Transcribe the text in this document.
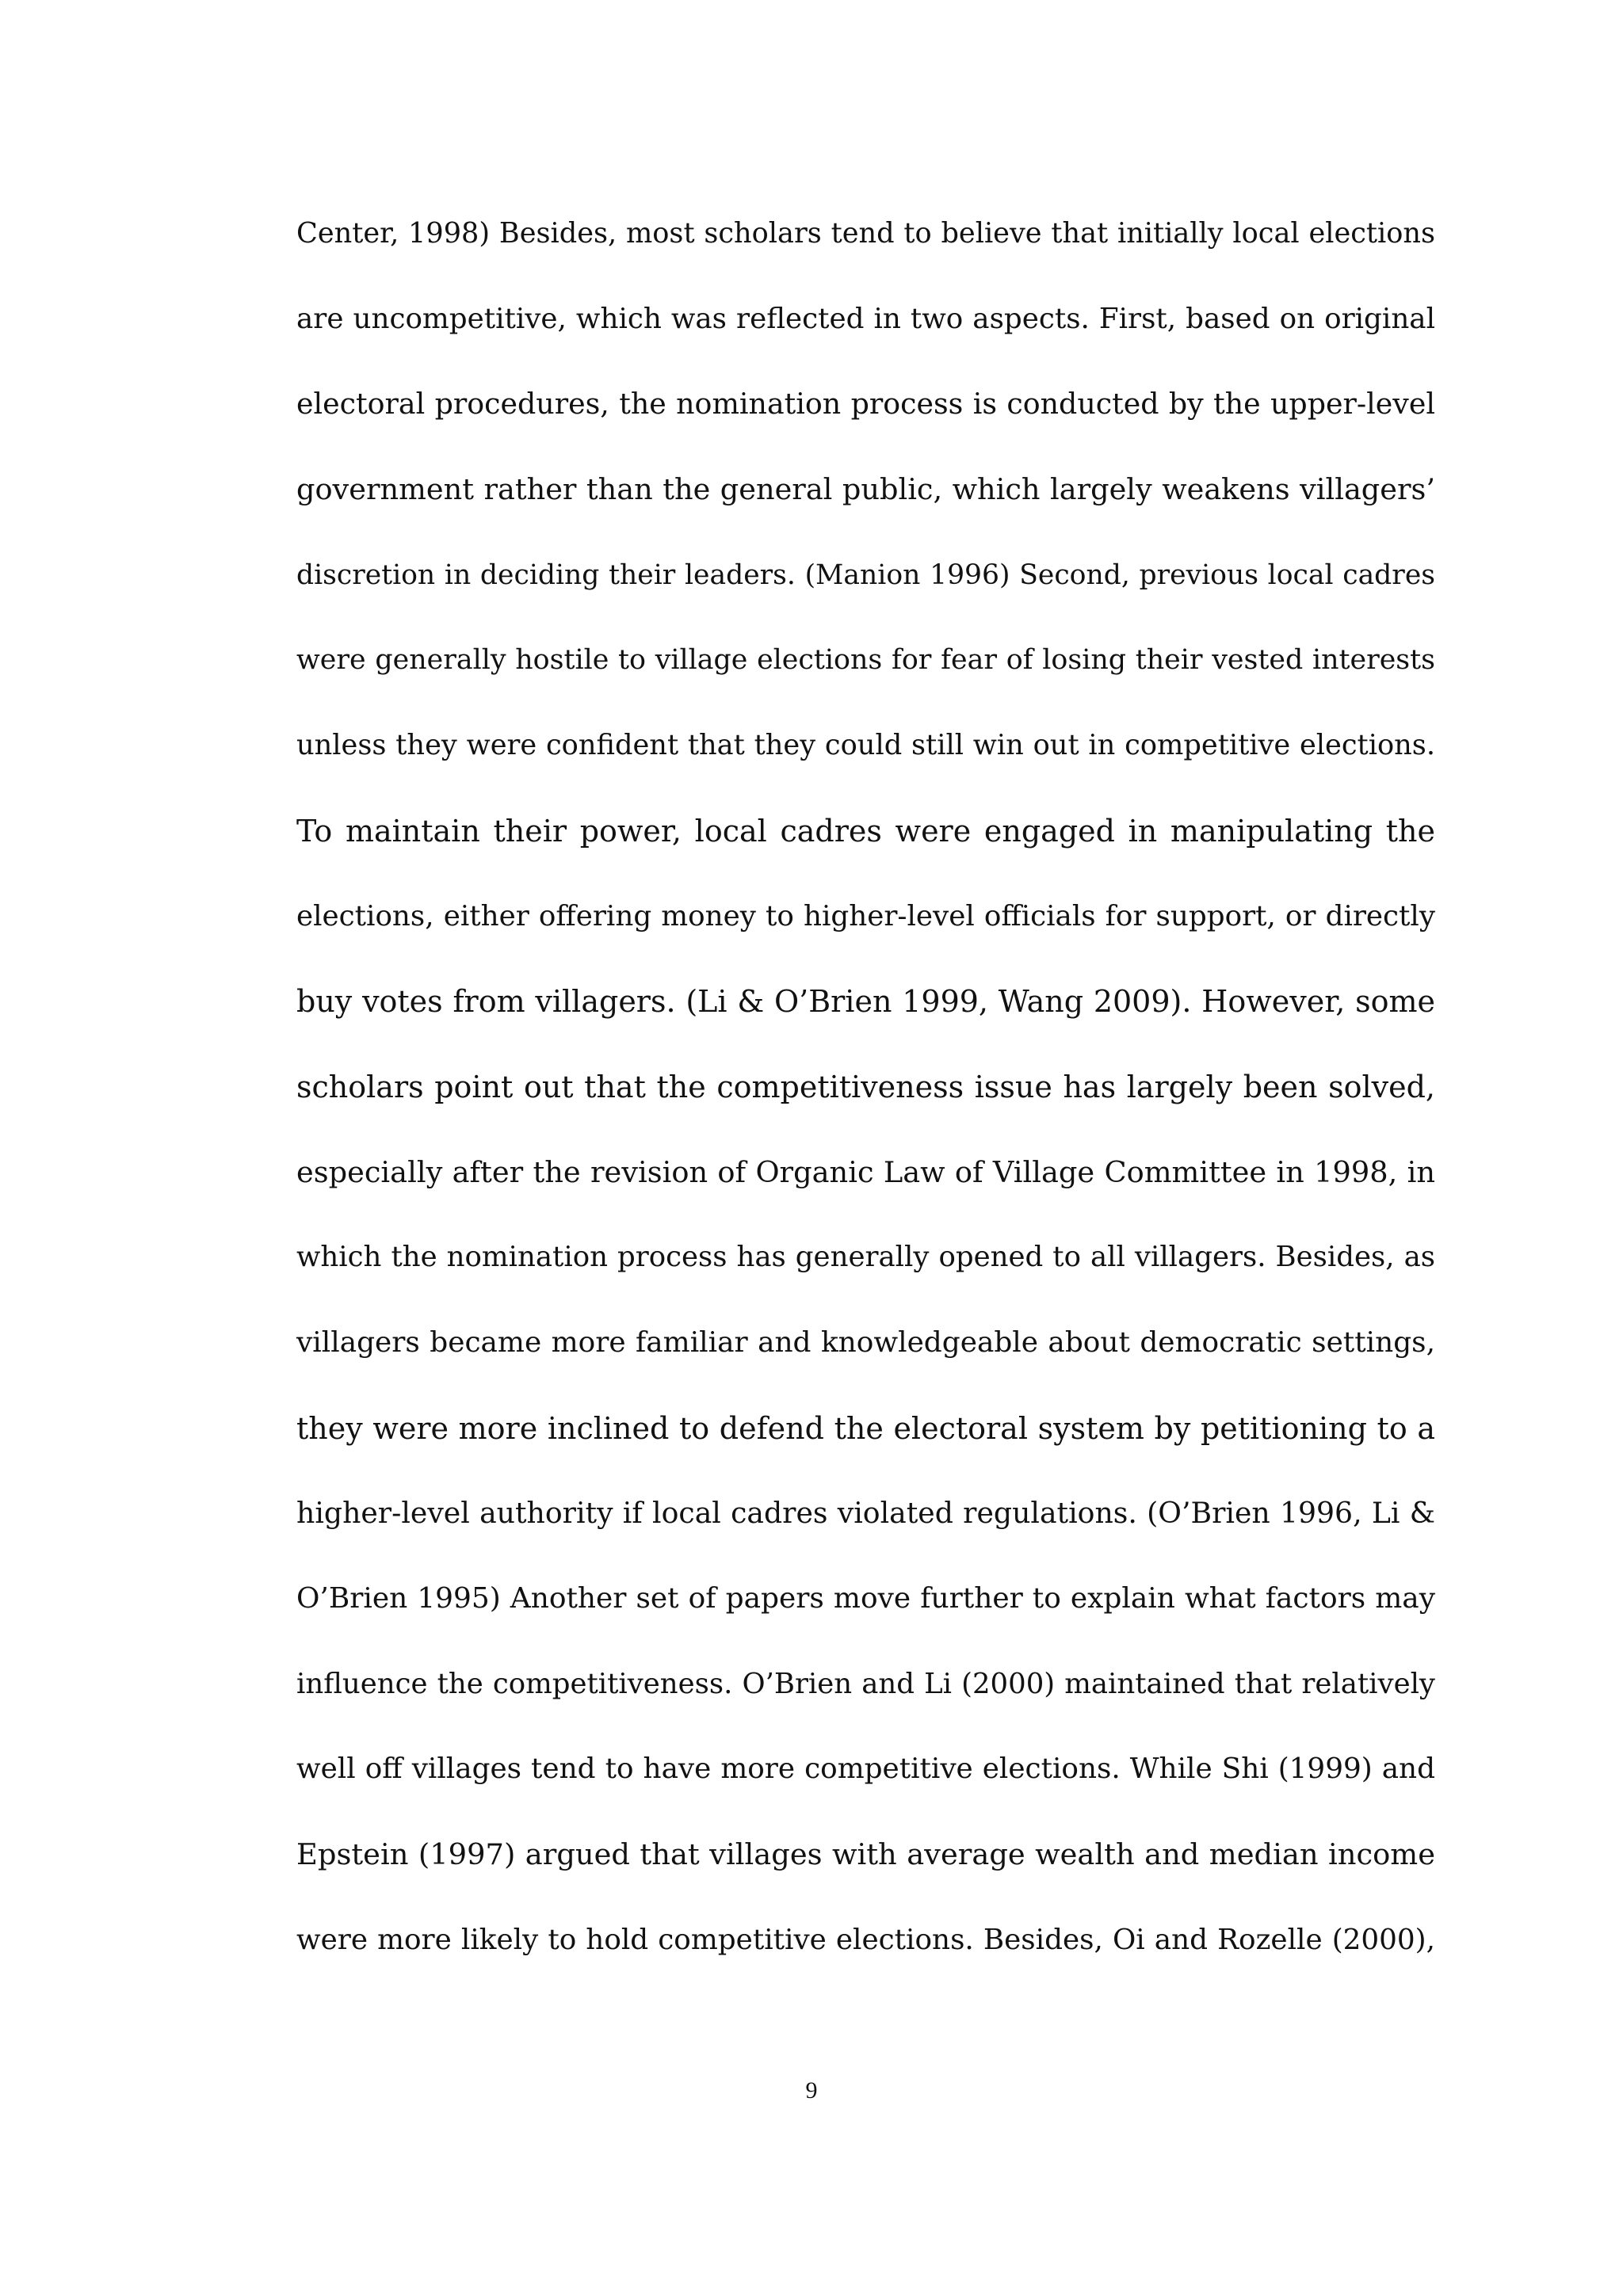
Center, 1998) Besides, most scholars tend to believe that initially local elections
are uncompetitive, which was reflected in two aspects. First, based on original
electoral procedures, the nomination process is conducted by the upper-level
government rather than the general public, which largely weakens villagers’
discretion in deciding their leaders. (Manion 1996) Second, previous local cadres
were generally hostile to village elections for fear of losing their vested interests
unless they were confident that they could still win out in competitive elections.
To maintain their power, local cadres were engaged in manipulating the
elections, either offering money to higher-level officials for support, or directly
buy votes from villagers. (Li & O’Brien 1999, Wang 2009). However, some
scholars point out that the competitiveness issue has largely been solved,
especially after the revision of Organic Law of Village Committee in 1998, in
which the nomination process has generally opened to all villagers. Besides, as
villagers became more familiar and knowledgeable about democratic settings,
they were more inclined to defend the electoral system by petitioning to a
higher-level authority if local cadres violated regulations. (O’Brien 1996, Li &
O’Brien 1995) Another set of papers move further to explain what factors may
influence the competitiveness. O’Brien and Li (2000) maintained that relatively
well off villages tend to have more competitive elections. While Shi (1999) and
Epstein (1997) argued that villages with average wealth and median income
were more likely to hold competitive elections. Besides, Oi and Rozelle (2000),
9
